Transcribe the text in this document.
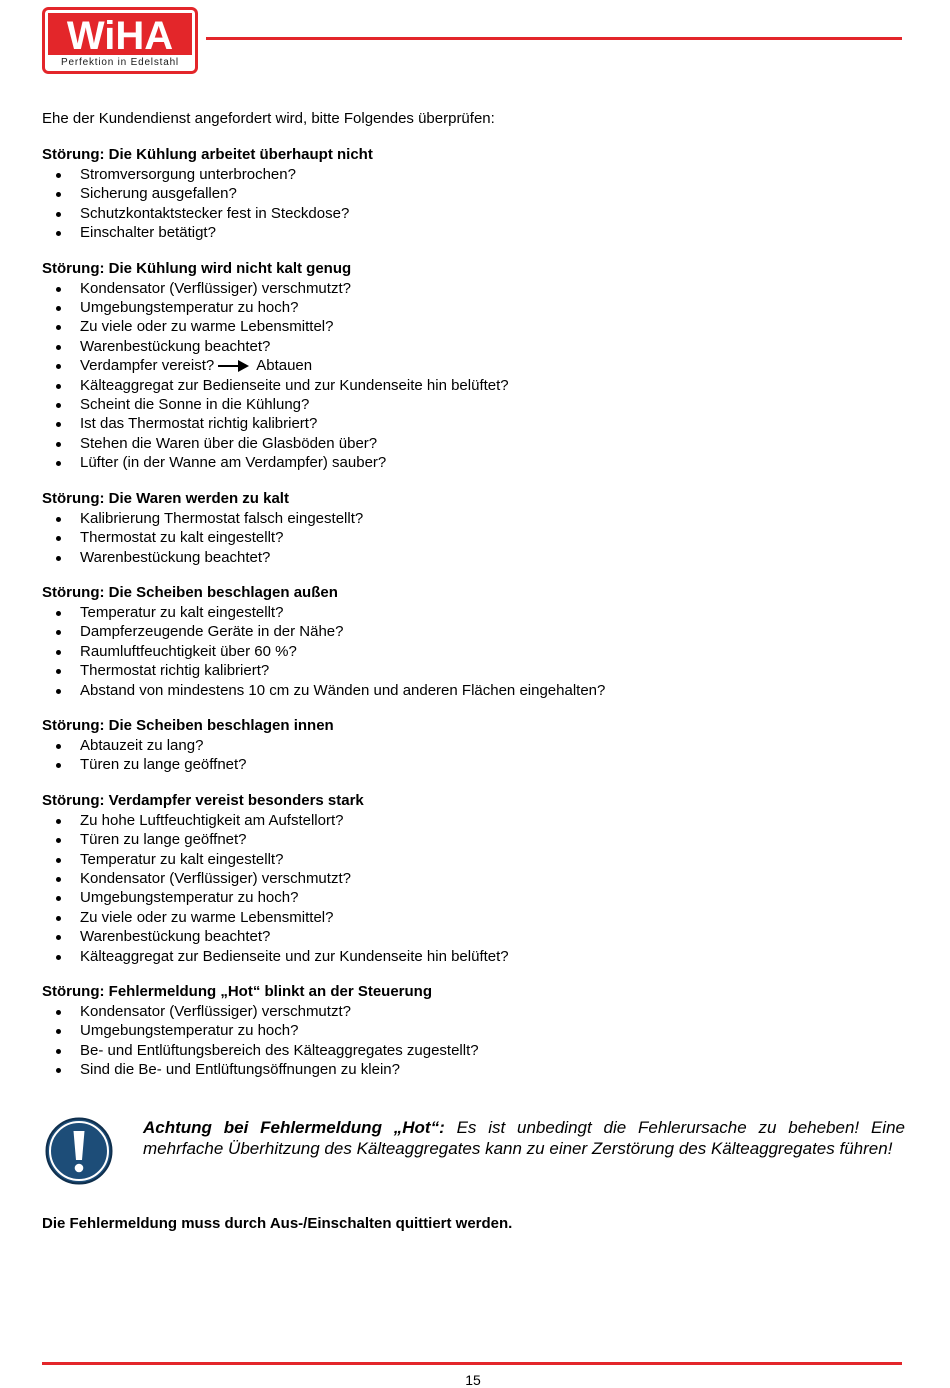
WiHA
Perfektion in Edelstahl

Ehe der Kundendienst angefordert wird, bitte Folgendes überprüfen:

Störung: Die Kühlung arbeitet überhaupt nicht

Stromversorgung unterbrochen?
Sicherung ausgefallen?
Schutzkontaktstecker fest in Steckdose?
Einschalter betätigt?

Störung: Die Kühlung wird nicht kalt genug

Kondensator (Verflüssiger) verschmutzt?
Umgebungstemperatur zu hoch?
Zu viele oder zu warme Lebensmittel?
Warenbestückung beachtet?
Verdampfer vereist?	Abtauen
Kälteaggregat zur Bedienseite und zur Kundenseite hin belüftet?
Scheint die Sonne in die Kühlung?
Ist das Thermostat richtig kalibriert?
Stehen die Waren über die Glasböden über?
Lüfter (in der Wanne am Verdampfer) sauber?

Störung: Die Waren werden zu kalt

Kalibrierung Thermostat falsch eingestellt?
Thermostat zu kalt eingestellt?
Warenbestückung beachtet?

Störung: Die Scheiben beschlagen außen

Temperatur zu kalt eingestellt?
Dampferzeugende Geräte in der Nähe?
Raumluftfeuchtigkeit über 60 %?
Thermostat richtig kalibriert?
Abstand von mindestens 10 cm zu Wänden und anderen Flächen eingehalten?

Störung: Die Scheiben beschlagen innen

Abtauzeit zu lang?
Türen zu lange geöffnet?

Störung: Verdampfer vereist besonders stark

Zu hohe Luftfeuchtigkeit am Aufstellort?
Türen zu lange geöffnet?
Temperatur zu kalt eingestellt?
Kondensator (Verflüssiger) verschmutzt?
Umgebungstemperatur zu hoch?
Zu viele oder zu warme Lebensmittel?
Warenbestückung beachtet?
Kälteaggregat zur Bedienseite und zur Kundenseite hin belüftet?

Störung: Fehlermeldung „Hot“ blinkt an der Steuerung

Kondensator (Verflüssiger) verschmutzt?
Umgebungstemperatur zu hoch?
Be- und Entlüftungsbereich des Kälteaggregates zugestellt?
Sind die Be- und Entlüftungsöffnungen zu klein?
Achtung bei Fehlermeldung „Hot“: Es ist unbedingt die Fehlerursache zu beheben! Eine mehrfache Überhitzung des Kälteaggregates kann zu einer Zerstörung des Kälteaggregates führen!
Die Fehlermeldung muss durch Aus-/Einschalten quittiert werden.
15
